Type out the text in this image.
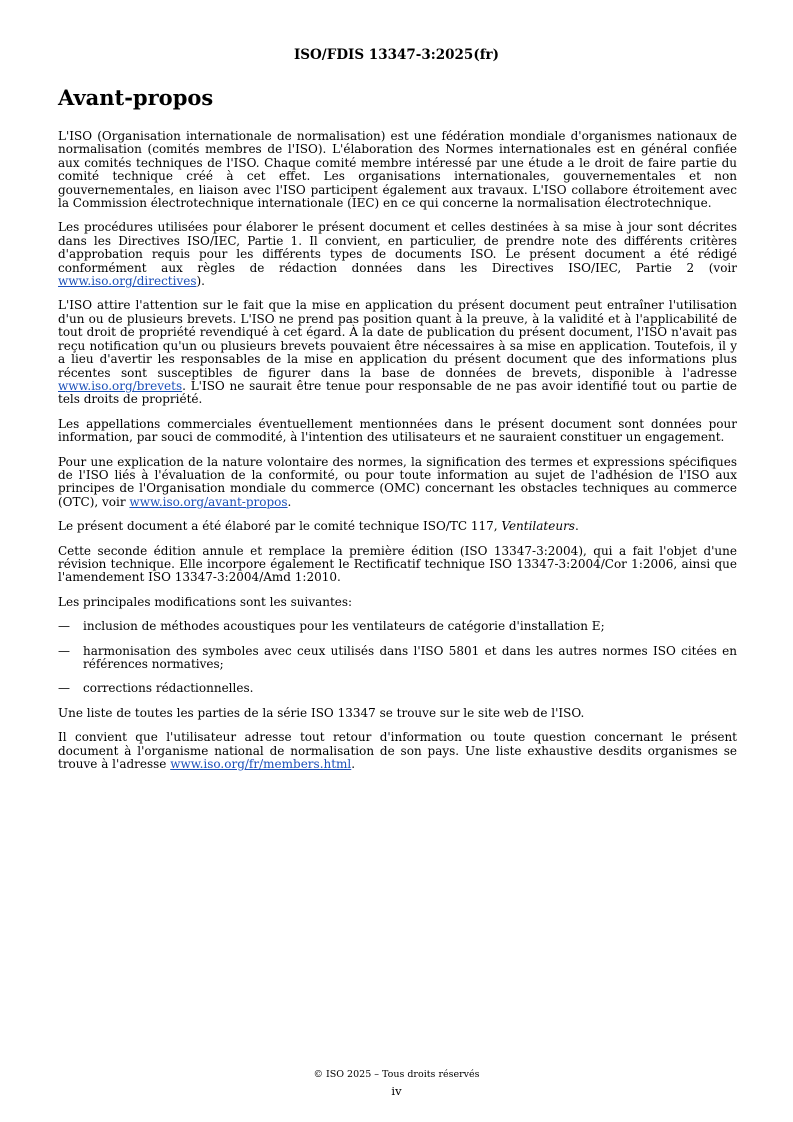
ISO/FDIS 13347-3:2025(fr)
Avant-propos

L'ISO (Organisation internationale de normalisation) est une fédération mondiale d'organismes nationaux de normalisation (comités membres de l'ISO). L'élaboration des Normes internationales est en général confiée aux comités techniques de l'ISO. Chaque comité membre intéressé par une étude a le droit de faire partie du comité technique créé à cet effet. Les organisations internationales, gouvernementales et non gouvernementales, en liaison avec l'ISO participent également aux travaux. L'ISO collabore étroitement avec la Commission électrotechnique internationale (IEC) en ce qui concerne la normalisation électrotechnique.

Les procédures utilisées pour élaborer le présent document et celles destinées à sa mise à jour sont décrites dans les Directives ISO/IEC, Partie 1. Il convient, en particulier, de prendre note des différents critères d'approbation requis pour les différents types de documents ISO. Le présent document a été rédigé conformément aux règles de rédaction données dans les Directives ISO/IEC, Partie 2 (voir www.iso.org/directives).

L'ISO attire l'attention sur le fait que la mise en application du présent document peut entraîner l'utilisation d'un ou de plusieurs brevets. L'ISO ne prend pas position quant à la preuve, à la validité et à l'applicabilité de tout droit de propriété revendiqué à cet égard. À la date de publication du présent document, l'ISO n'avait pas reçu notification qu'un ou plusieurs brevets pouvaient être nécessaires à sa mise en application. Toutefois, il y a lieu d'avertir les responsables de la mise en application du présent document que des informations plus récentes sont susceptibles de figurer dans la base de données de brevets, disponible à l'adresse www.iso.org/brevets. L'ISO ne saurait être tenue pour responsable de ne pas avoir identifié tout ou partie de tels droits de propriété.

Les appellations commerciales éventuellement mentionnées dans le présent document sont données pour information, par souci de commodité, à l'intention des utilisateurs et ne sauraient constituer un engagement.

Pour une explication de la nature volontaire des normes, la signification des termes et expressions spécifiques de l'ISO liés à l'évaluation de la conformité, ou pour toute information au sujet de l'adhésion de l'ISO aux principes de l'Organisation mondiale du commerce (OMC) concernant les obstacles techniques au commerce (OTC), voir www.iso.org/avant-propos.

Le présent document a été élaboré par le comité technique ISO/TC 117, Ventilateurs.

Cette seconde édition annule et remplace la première édition (ISO 13347-3:2004), qui a fait l'objet d'une révision technique. Elle incorpore également le Rectificatif technique ISO 13347-3:2004/Cor 1:2006, ainsi que l'amendement ISO 13347-3:2004/Amd 1:2010.

Les principales modifications sont les suivantes:

— inclusion de méthodes acoustiques pour les ventilateurs de catégorie d'installation E;
— harmonisation des symboles avec ceux utilisés dans l'ISO 5801 et dans les autres normes ISO citées en références normatives;
— corrections rédactionnelles.

Une liste de toutes les parties de la série ISO 13347 se trouve sur le site web de l'ISO.

Il convient que l'utilisateur adresse tout retour d'information ou toute question concernant le présent document à l'organisme national de normalisation de son pays. Une liste exhaustive desdits organismes se trouve à l'adresse www.iso.org/fr/members.html.

© ISO 2025 – Tous droits réservés
iv
